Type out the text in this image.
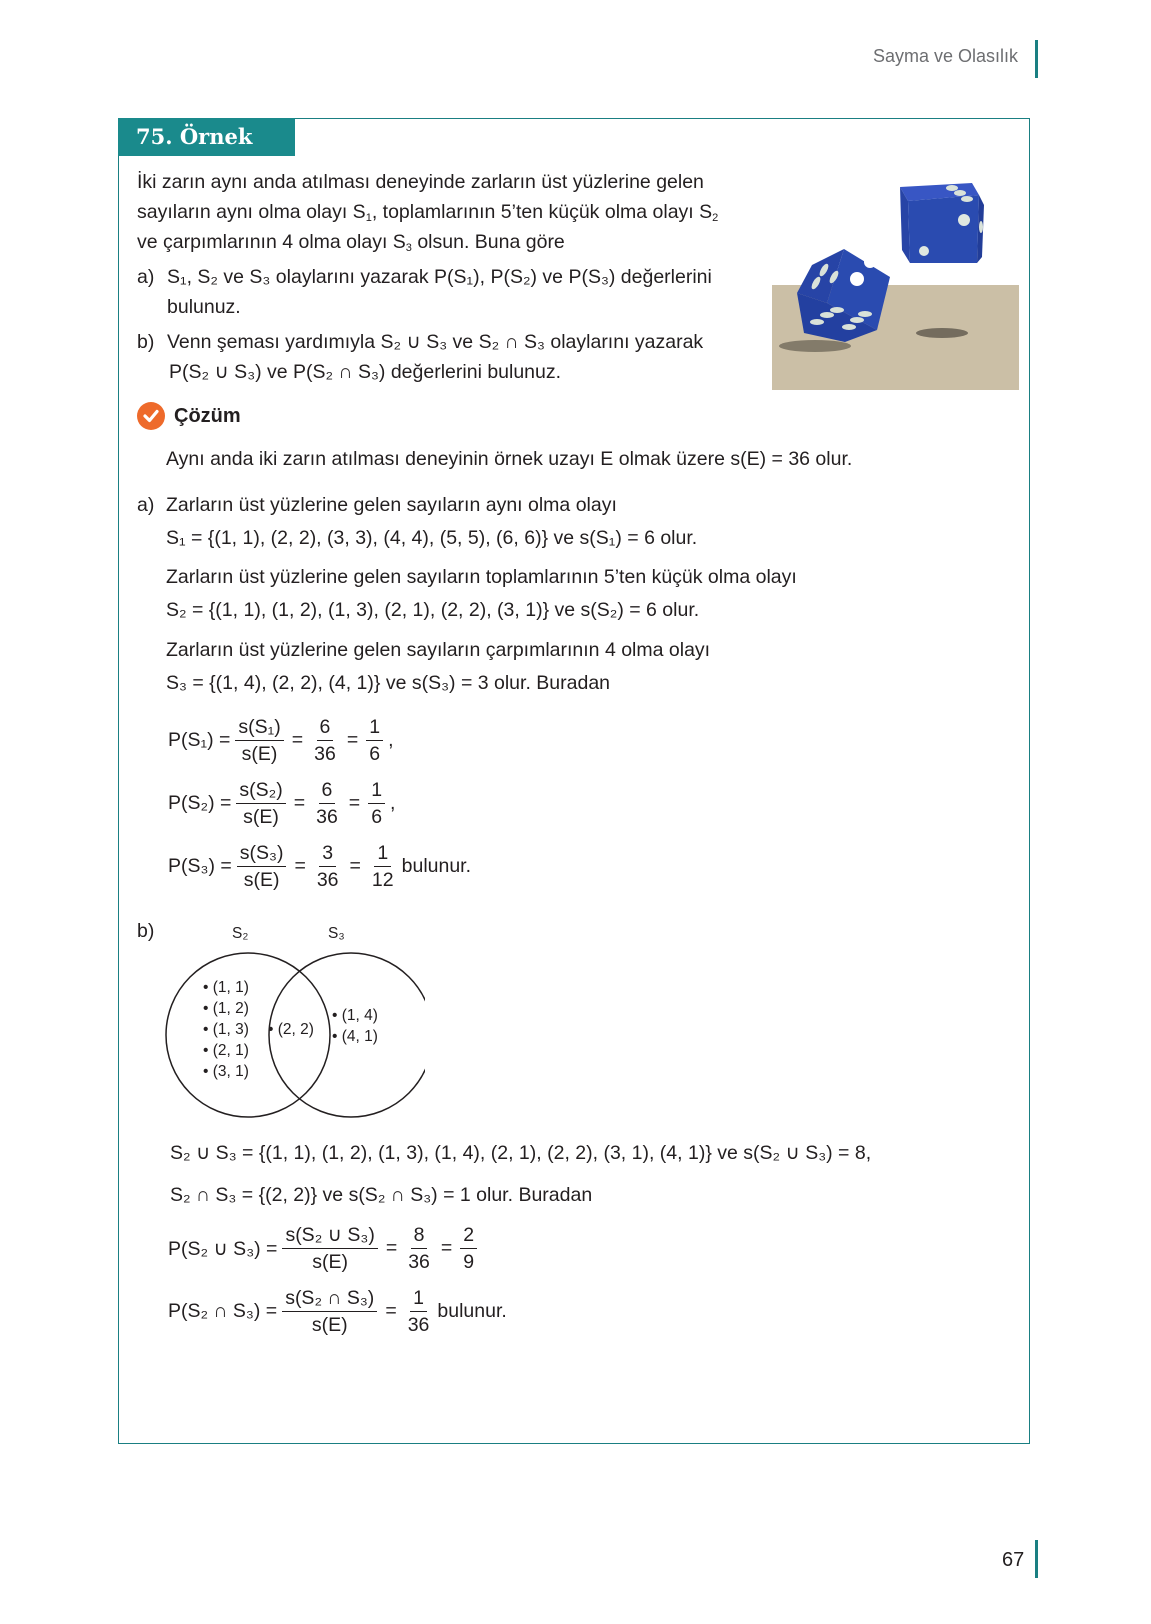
Sayma ve Olasılık
75. Örnek
İki zarın aynı anda atılması deneyinde zarların üst yüzlerine gelen
sayıların aynı olma olayı $S_1$, toplamlarının 5’ten küçük olma olayı $S_2$
ve çarpımlarının 4 olma olayı $S_3$ olsun. Buna göre
a) S₁, S₂ ve S₃ olaylarını yazarak P(S₁), P(S₂) ve P(S₃) değerlerini
bulunuz.
b) Venn şeması yardımıyla S₂ ∪ S₃ ve S₂ ∩ S₃ olaylarını yazarak
P(S₂ ∪ S₃) ve P(S₂ ∩ S₃) değerlerini bulunuz.
Çözüm
Aynı anda iki zarın atılması deneyinin örnek uzayı E olmak üzere s(E) = 36 olur.
a) Zarların üst yüzlerine gelen sayıların aynı olma olayı
S₁ = {(1, 1), (2, 2), (3, 3), (4, 4), (5, 5), (6, 6)} ve s(S₁) = 6 olur.
Zarların üst yüzlerine gelen sayıların toplamlarının 5’ten küçük olma olayı
S₂ = {(1, 1), (1, 2), (1, 3), (2, 1), (2, 2), (3, 1)} ve s(S₂) = 6 olur.
Zarların üst yüzlerine gelen sayıların çarpımlarının 4 olma olayı
S₃ = {(1, 4), (2, 2), (4, 1)} ve s(S₃) = 3 olur. Buradan
$P(S_1) = \frac{\text{s(S₁)}}{s(E)} = \frac{6}{36} = \frac{1}{6}$ ,
$P(S_2) = \frac{\text{s(S₂)}}{s(E)} = \frac{6}{36} = \frac{1}{6}$ ,
$P(S_3) = \frac{\text{s(S₃)}}{s(E)} = \frac{3}{36} = \frac{1}{12}$ bulunur.
b)	S₂	S₃
• (1, 1)
• (1, 2)
• (1, 3)
• (2, 1)
• (3, 1)
• (2, 2)
• (1, 4)
• (4, 1)
S₂ ∪ S₃ = {(1, 1), (1, 2), (1, 3), (1, 4), (2, 1), (2, 2), (3, 1), (4, 1)} ve s(S₂ ∪ S₃) = 8,
S₂ ∩ S₃ = {(2, 2)} ve s(S₂ ∩ S₃) = 1 olur. Buradan
P(S₂ ∪ $S_3) = \frac{\text{s(S₂ ∪ S₃)}}{s(E)} = \frac{8}{36} = \frac{2}{9}$
P(S₂ ∩ $S_3) = \frac{\text{s(S₂ ∩ S₃)}}{s(E)} = \frac{1}{36}$ bulunur.
67
